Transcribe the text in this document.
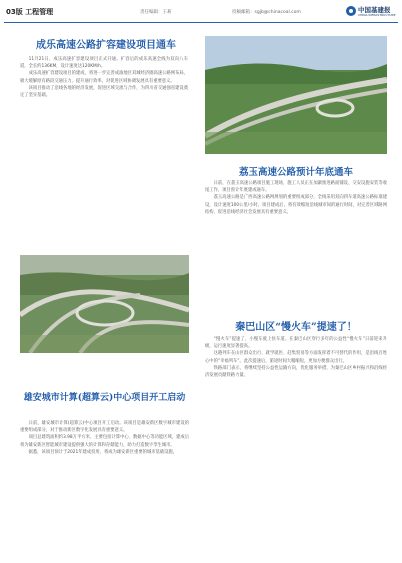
03版 工程管理	责任编辑：王莉	投稿邮箱：sgjb@chinacoal.com	中国基建报
CHINA INFRASTRUCTURE
成乐高速公路扩容建设项目通车

11月21日，成乐高速扩容建设项目正式开通。扩容后的成乐高速全线为双向八车道，全长约136KM，设计速度达120KM/h。

成乐高速扩容建设项目的建成，将进一步完善成渝地区双城经济圈高速公路网布局，极大缓解原有路段交通压力，提升通行效率，对促进区域协调发展具有重要意义。

该项目推动了沿线各地的经济发展，促进区域交流与合作，为四川省交通强省建设奠定了坚实基础。

荔玉高速公路预计年底通车

日前，在荔玉高速公路项目施工现场，施工人员正在加紧推进路面铺设、交安设施安装等收尾工作，项目预计年底建成通车。

荔玉高速公路是广西高速公路网规划的重要组成部分，全线采用双向四车道高速公路标准建设，设计速度100公里/小时。项目建成后，将有效缩短沿线城市间的通行时间，对完善区域路网结构、促进沿线经济社会发展具有重要意义。

秦巴山区“慢火车”提速了！

“慢火车”提速了，小慢车驶上快车道。在秦巴山区穿行多年的公益性“慢火车”日前迎来升级，运行速度显著提高。

这趟列车在山区群众出行、就学就医、赶集贸易等方面发挥着不可替代的作用，是沿线百姓心中的“幸福列车”。此次提速后，旅途时间大幅缩短，更加方便群众出行。

铁路部门表示，将继续坚持公益性运输方向，优化服务举措，为秦巴山区乡村振兴和沿线经济发展贡献铁路力量。

雄安城市计算(超算云)中心项目开工启动

日前，雄安城市计算(超算云)中心项目开工启动。该项目是雄安新区数字城市建设的重要组成部分，对于推动新区数字化发展具有重要意义。

项目总建筑面积约3.98万平方米，主要包括计算中心、数据中心等功能区域，建成后将为雄安新区智能城市建设提供强大的计算和存储能力，助力打造数字孪生城市。

据悉，该项目预计于2021年建成投用，将成为雄安新区重要的城市基础设施。
